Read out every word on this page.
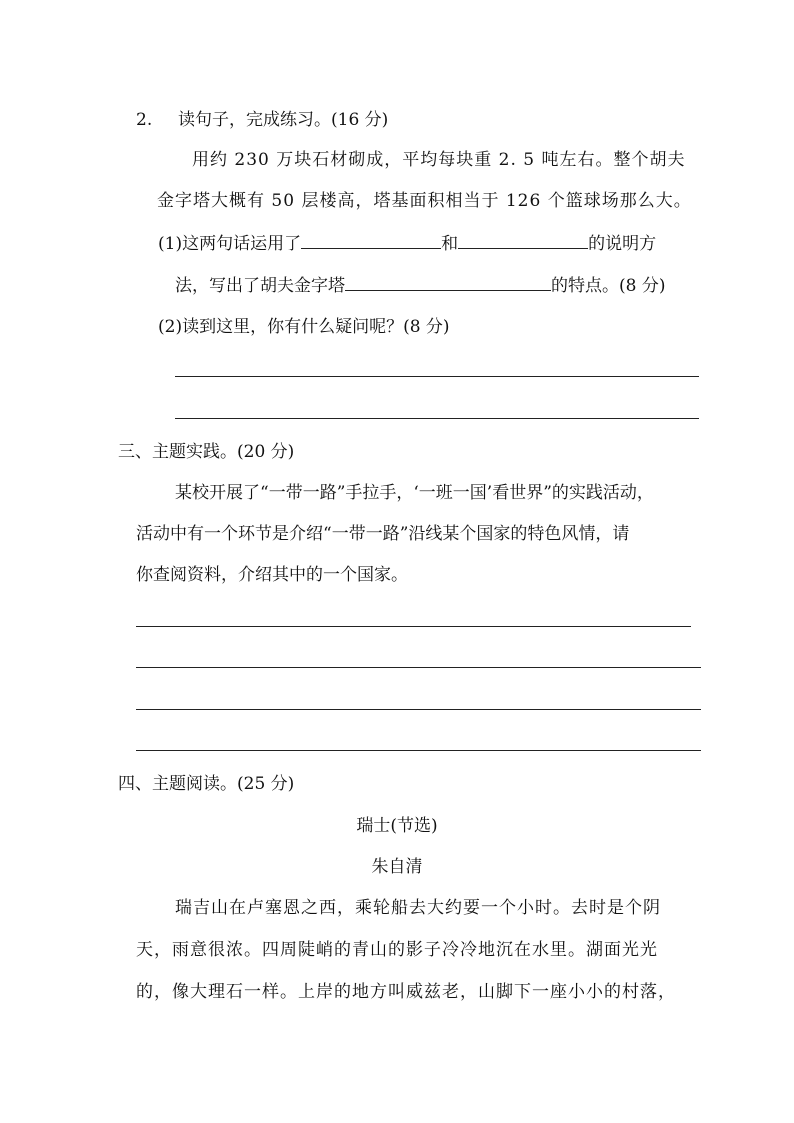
2. 读句子，完成练习。(16 分)
用约 230 万块石材砌成，平均每块重 2. 5 吨左右。整个胡夫
金字塔大概有 50 层楼高，塔基面积相当于 126 个篮球场那么大。
(1)这两句话运用了	和	的说明方
法，写出了胡夫金字塔	的特点。(8 分)
(2)读到这里，你有什么疑问呢？(8 分)
三、主题实践。(20 分)
某校开展了“一带一路”手拉手，‘一班一国’看世界”的实践活动，
活动中有一个环节是介绍“一带一路”沿线某个国家的特色风情，请
你查阅资料，介绍其中的一个国家。
四、主题阅读。(25 分)
瑞士(节选)
朱自清
瑞吉山在卢塞恩之西，乘轮船去大约要一个小时。去时是个阴
天，雨意很浓。四周陡峭的青山的影子冷冷地沉在水里。湖面光光
的，像大理石一样。上岸的地方叫威兹老，山脚下一座小小的村落，
